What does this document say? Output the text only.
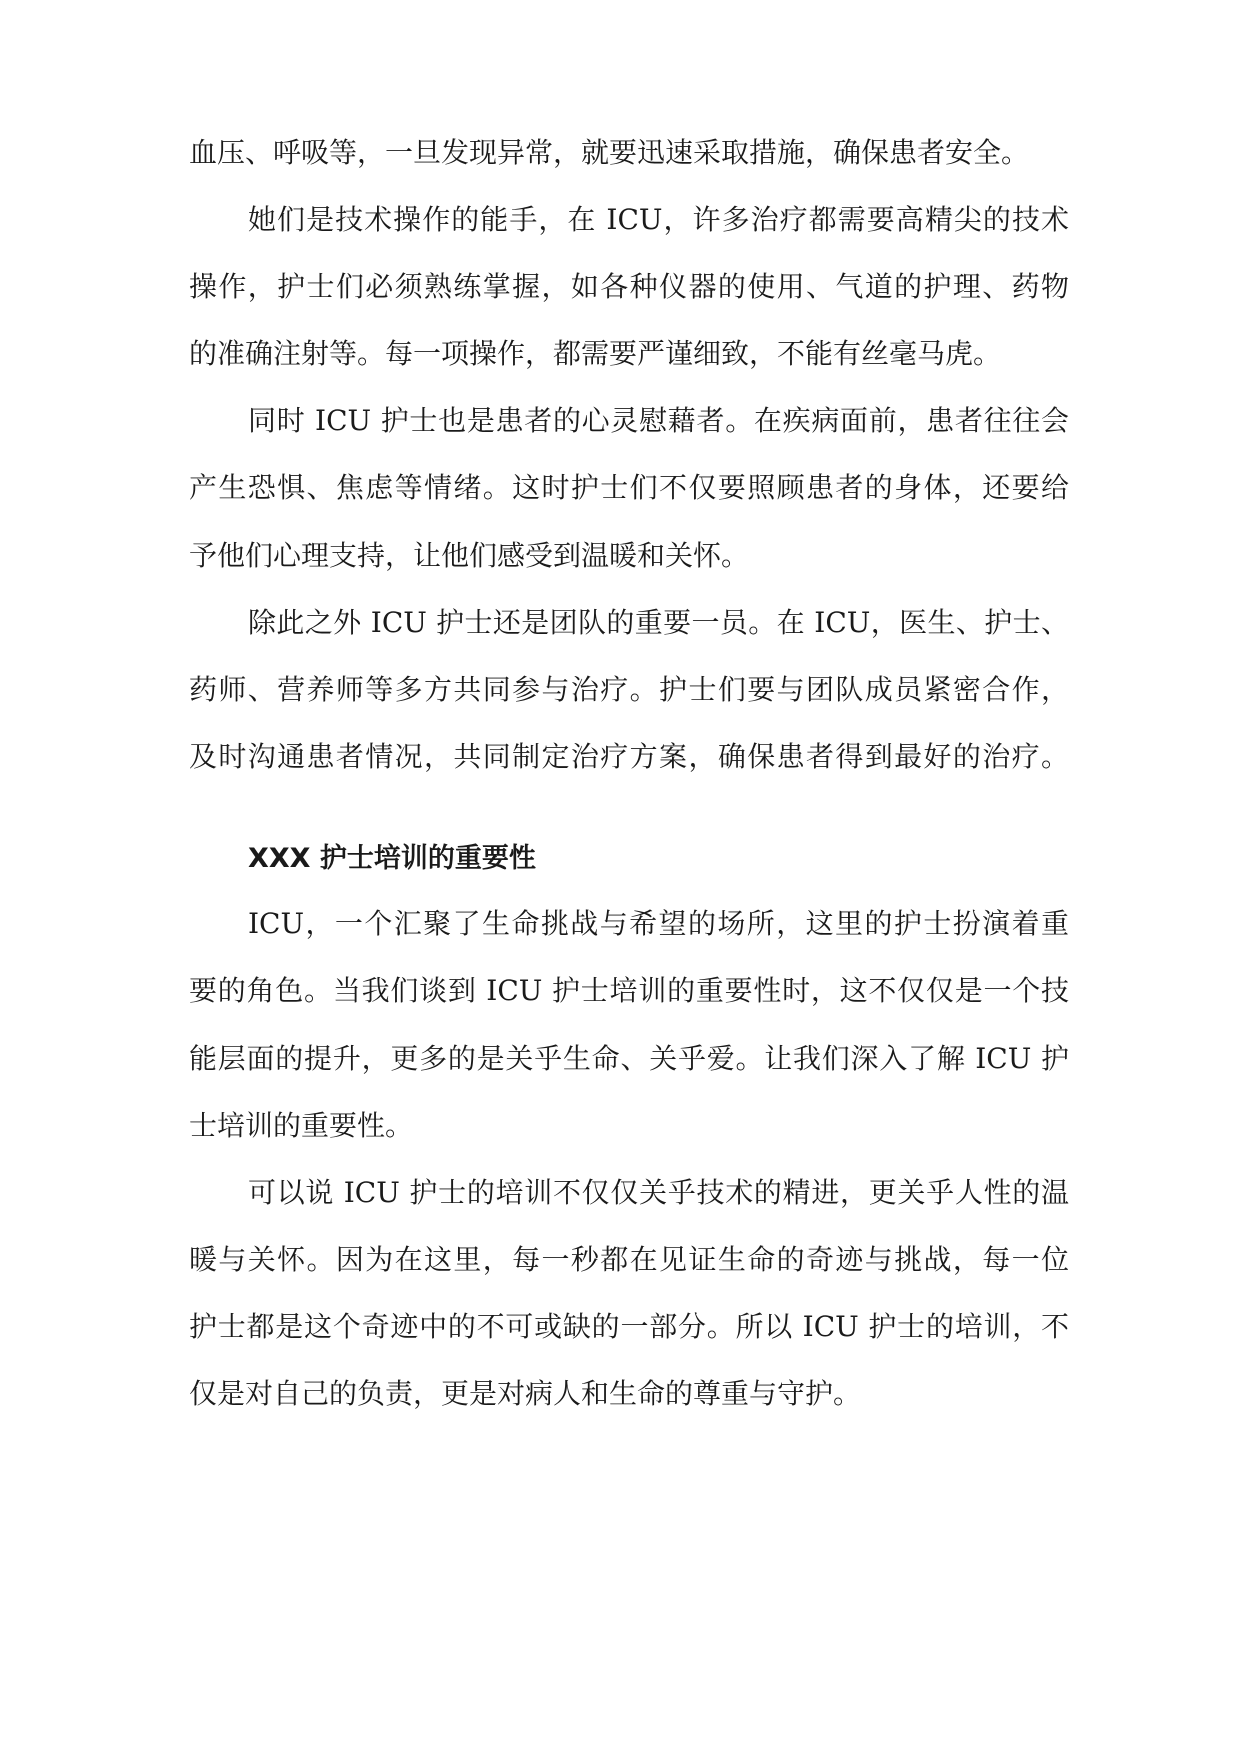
血压、呼吸等，一旦发现异常，就要迅速采取措施，确保患者安全。

她们是技术操作的能手，在 ICU，许多治疗都需要高精尖的技术

操作，护士们必须熟练掌握，如各种仪器的使用、气道的护理、药物

的准确注射等。每一项操作，都需要严谨细致，不能有丝毫马虎。

同时 ICU 护士也是患者的心灵慰藉者。在疾病面前，患者往往会

产生恐惧、焦虑等情绪。这时护士们不仅要照顾患者的身体，还要给

予他们心理支持，让他们感受到温暖和关怀。

除此之外 ICU 护士还是团队的重要一员。在 ICU，医生、护士、

药师、营养师等多方共同参与治疗。护士们要与团队成员紧密合作，

及时沟通患者情况，共同制定治疗方案，确保患者得到最好的治疗。

XXX 护士培训的重要性

ICU，一个汇聚了生命挑战与希望的场所，这里的护士扮演着重

要的角色。当我们谈到 ICU 护士培训的重要性时，这不仅仅是一个技

能层面的提升，更多的是关乎生命、关乎爱。让我们深入了解 ICU 护

士培训的重要性。

可以说 ICU 护士的培训不仅仅关乎技术的精进，更关乎人性的温

暖与关怀。因为在这里，每一秒都在见证生命的奇迹与挑战，每一位

护士都是这个奇迹中的不可或缺的一部分。所以 ICU 护士的培训，不

仅是对自己的负责，更是对病人和生命的尊重与守护。
